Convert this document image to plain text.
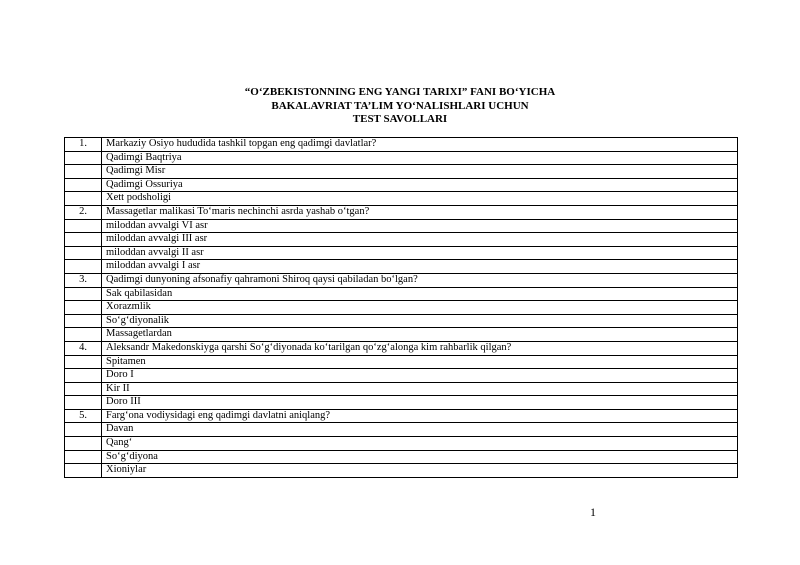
“O‘ZBEKISTONNING ENG YANGI TARIXI” FANI BO‘YICHA
BAKALAVRIAT TA’LIM YO‘NALISHLARI UCHUN
TEST SAVOLLARI
1.	Markaziy Osiyo hududida tashkil topgan eng qadimgi davlatlar?
	Qadimgi Baqtriya
	Qadimgi Misr
	Qadimgi Ossuriya
	Xett podsholigi
2.	Massagetlar malikasi To‘maris nechinchi asrda yashab o‘tgan?
	miloddan avvalgi VI asr
	miloddan avvalgi III asr
	miloddan avvalgi II asr
	miloddan avvalgi I asr
3.	Qadimgi dunyoning afsonafiy qahramoni Shiroq qaysi qabiladan bo‘lgan?
	Sak qabilasidan
	Xorazmlik
	So‘g‘diyonalik
	Massagetlardan
4.	Aleksandr Makedonskiyga qarshi So‘g‘diyonada ko‘tarilgan qo‘zg‘alonga kim rahbarlik qilgan?
	Spitamen
	Doro I
	Kir II
	Doro III
5.	Farg‘ona vodiysidagi eng qadimgi davlatni aniqlang?
	Davan
	Qang‘
	So‘g‘diyona
	Xioniylar
1
